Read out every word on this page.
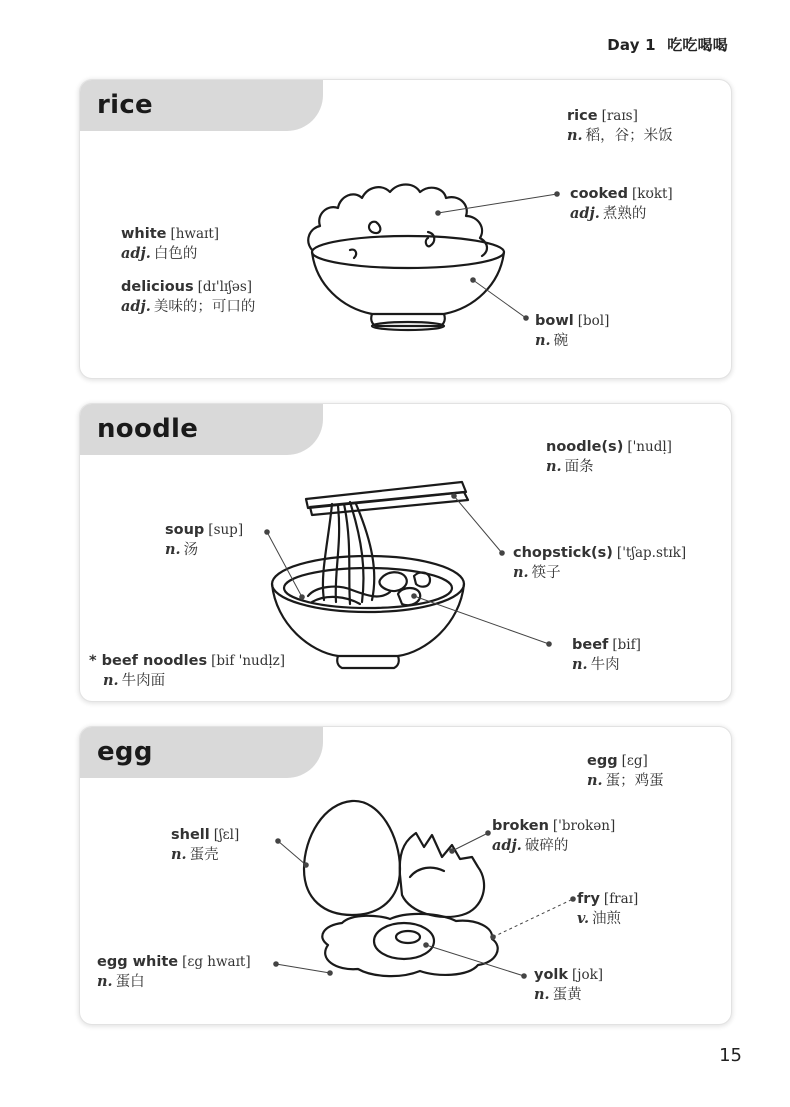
Day 1 吃吃喝喝
rice	rice [raɪs]
n. 稻，谷；米饭
cooked [kʊkt]
adj. 煮熟的
white [hwaɪt]
adj. 白色的
delicious [dɪ'lɪʃəs]
adj. 美味的；可口的
bowl [bol]
n. 碗
noodle
noodle(s) ['nudḷ]
n. 面条
soup [sup]
n. 汤	chopstick(s) ['tʃap.stɪk]
n. 筷子
beef [bif]
n. 牛肉
* beef noodles [bif 'nudḷz]
n. 牛肉面
egg	egg [ɛg]
n. 蛋；鸡蛋
shell [ʃɛl]
n. 蛋壳
broken ['brokən]
adj. 破碎的
fry [fraɪ]
v. 油煎
egg white [ɛg hwaɪt]
n. 蛋白	yolk [jok]
n. 蛋黄
15
